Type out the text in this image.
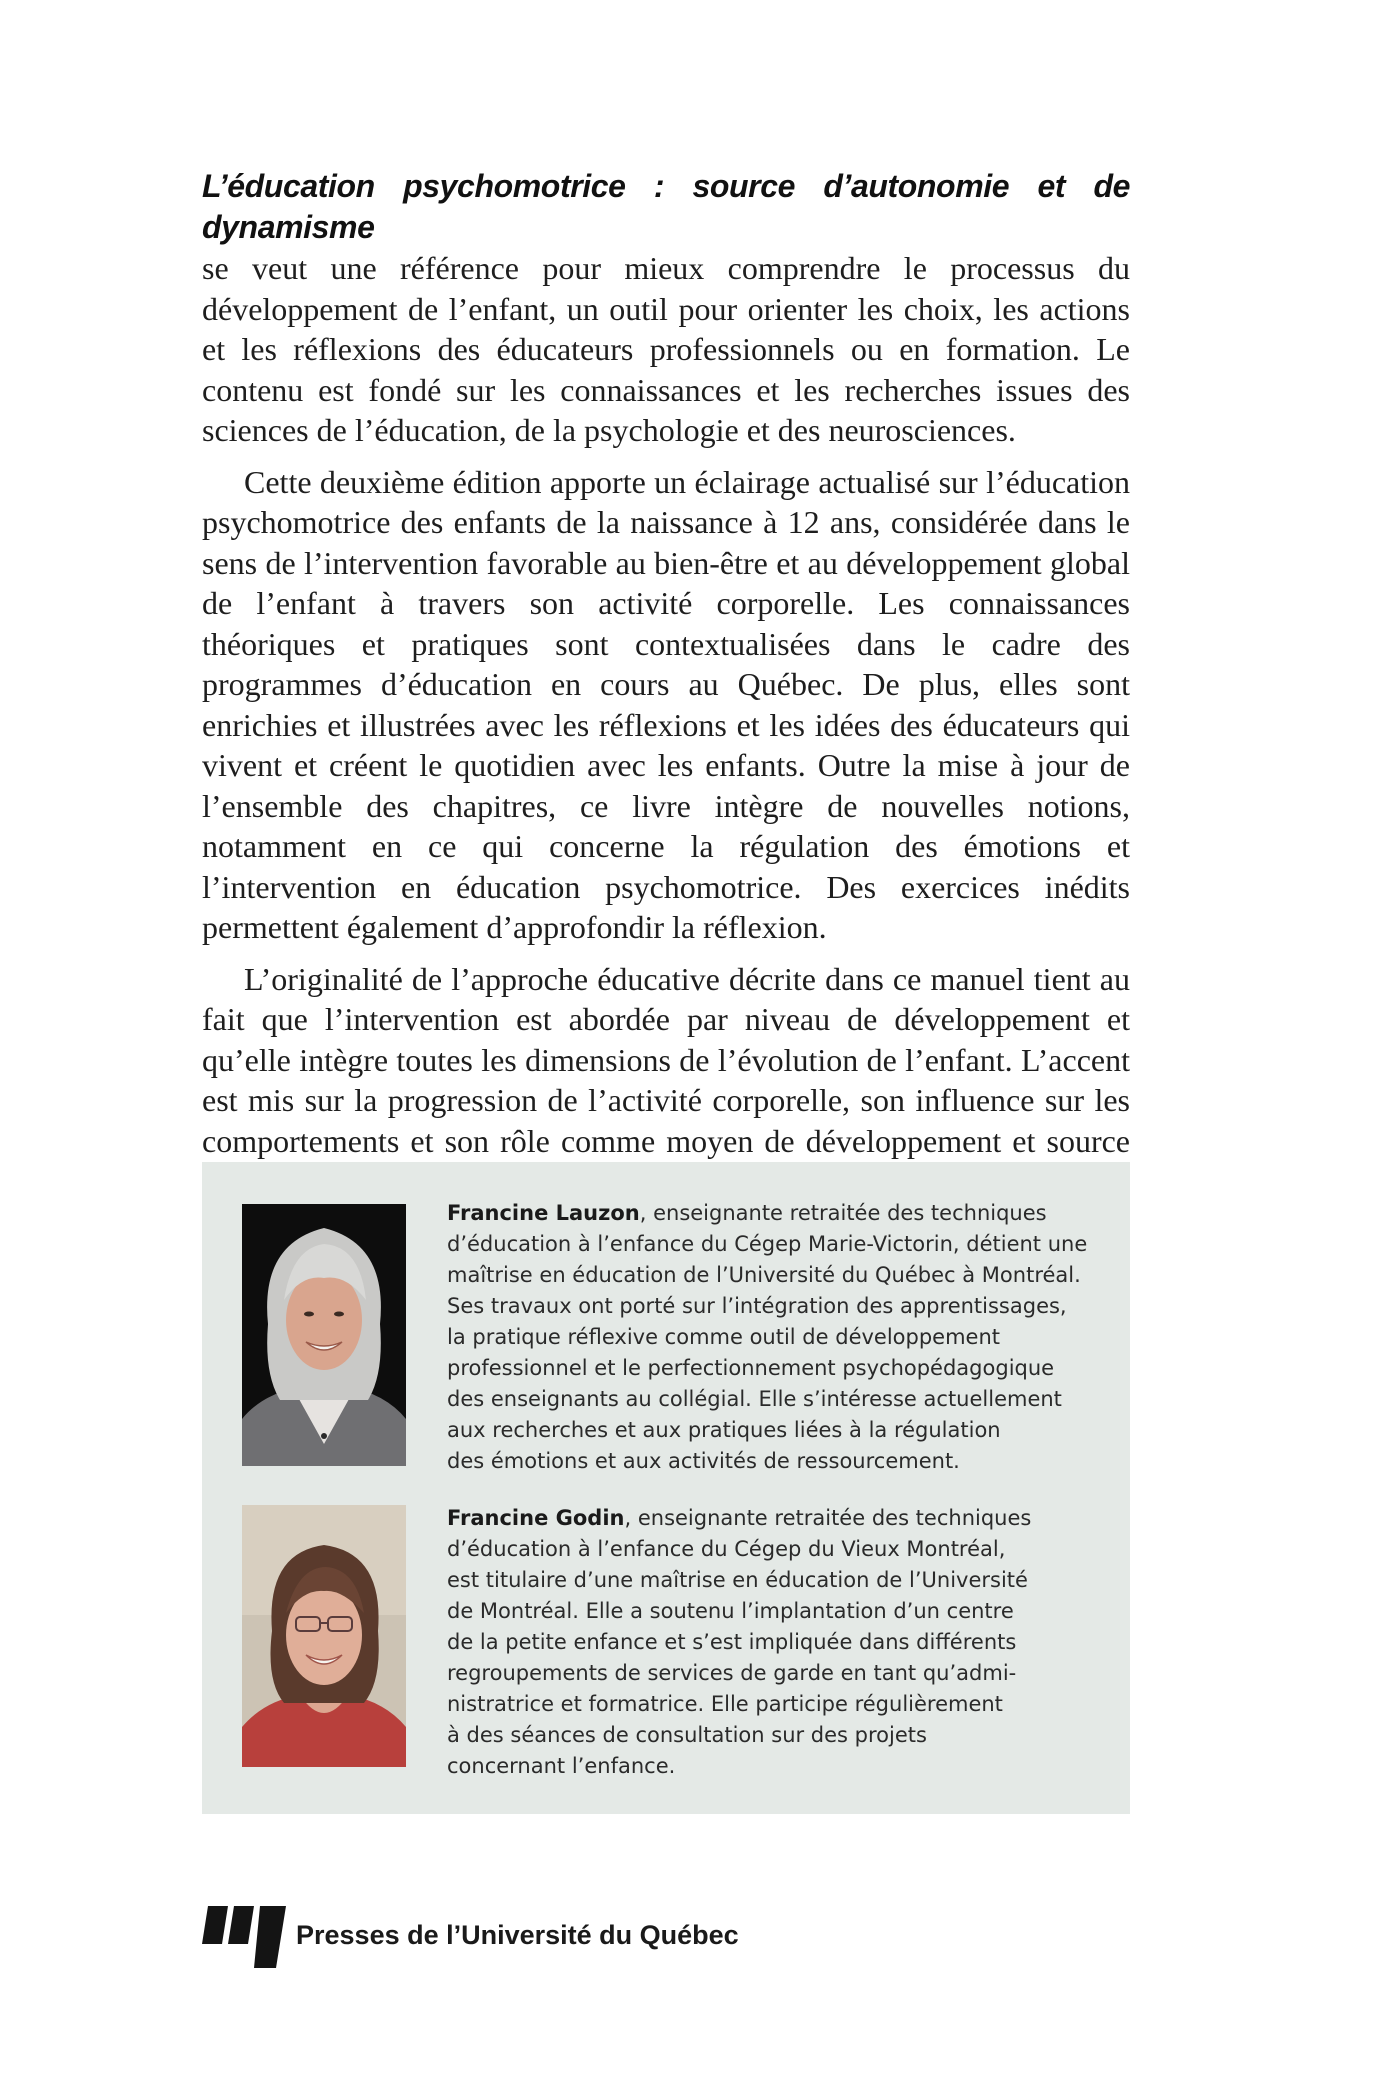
L’éducation psychomotrice : source d’autonomie et de dynamisme
se veut une référence pour mieux comprendre le processus du développement de l’enfant, un outil pour orienter les choix, les actions et les réflexions des éducateurs professionnels ou en formation. Le contenu est fondé sur les connaissances et les recherches issues des sciences de l’éducation, de la psychologie et des neurosciences.

Cette deuxième édition apporte un éclairage actualisé sur l’éducation psychomotrice des enfants de la naissance à 12 ans, considérée dans le sens de l’intervention favorable au bien-être et au développement global de l’enfant à travers son activité corporelle. Les connaissances théoriques et pratiques sont contextualisées dans le cadre des programmes d’éducation en cours au Québec. De plus, elles sont enrichies et illustrées avec les réflexions et les idées des éducateurs qui vivent et créent le quotidien avec les enfants. Outre la mise à jour de l’ensemble des chapitres, ce livre intègre de nouvelles notions, notamment en ce qui concerne la régulation des émotions et l’intervention en éducation psychomotrice. Des exercices inédits permettent également d’approfondir la réflexion.

L’originalité de l’approche éducative décrite dans ce manuel tient au fait que l’intervention est abordée par niveau de développement et qu’elle intègre toutes les dimensions de l’évolution de l’enfant. L’accent est mis sur la progression de l’activité corporelle, son influence sur les comportements et son rôle comme moyen de développement et source

Francine Lauzon, enseignante retraitée des techniques
d’éducation à l’enfance du Cégep Marie-Victorin, détient une
maîtrise en éducation de l’Université du Québec à Montréal.
Ses travaux ont porté sur l’intégration des apprentissages,
la pratique réflexive comme outil de développement
professionnel et le perfectionnement psychopédagogique
des enseignants au collégial. Elle s’intéresse actuellement
aux recherches et aux pratiques liées à la régulation
des émotions et aux activités de ressourcement.
Francine Godin, enseignante retraitée des techniques
d’éducation à l’enfance du Cégep du Vieux Montréal,
est titulaire d’une maîtrise en éducation de l’Université
de Montréal. Elle a soutenu l’implantation d’un centre
de la petite enfance et s’est impliquée dans différents
regroupements de services de garde en tant qu’admi-
nistratrice et formatrice. Elle participe régulièrement
à des séances de consultation sur des projets
concernant l’enfance.
Presses de l’Université du Québec
